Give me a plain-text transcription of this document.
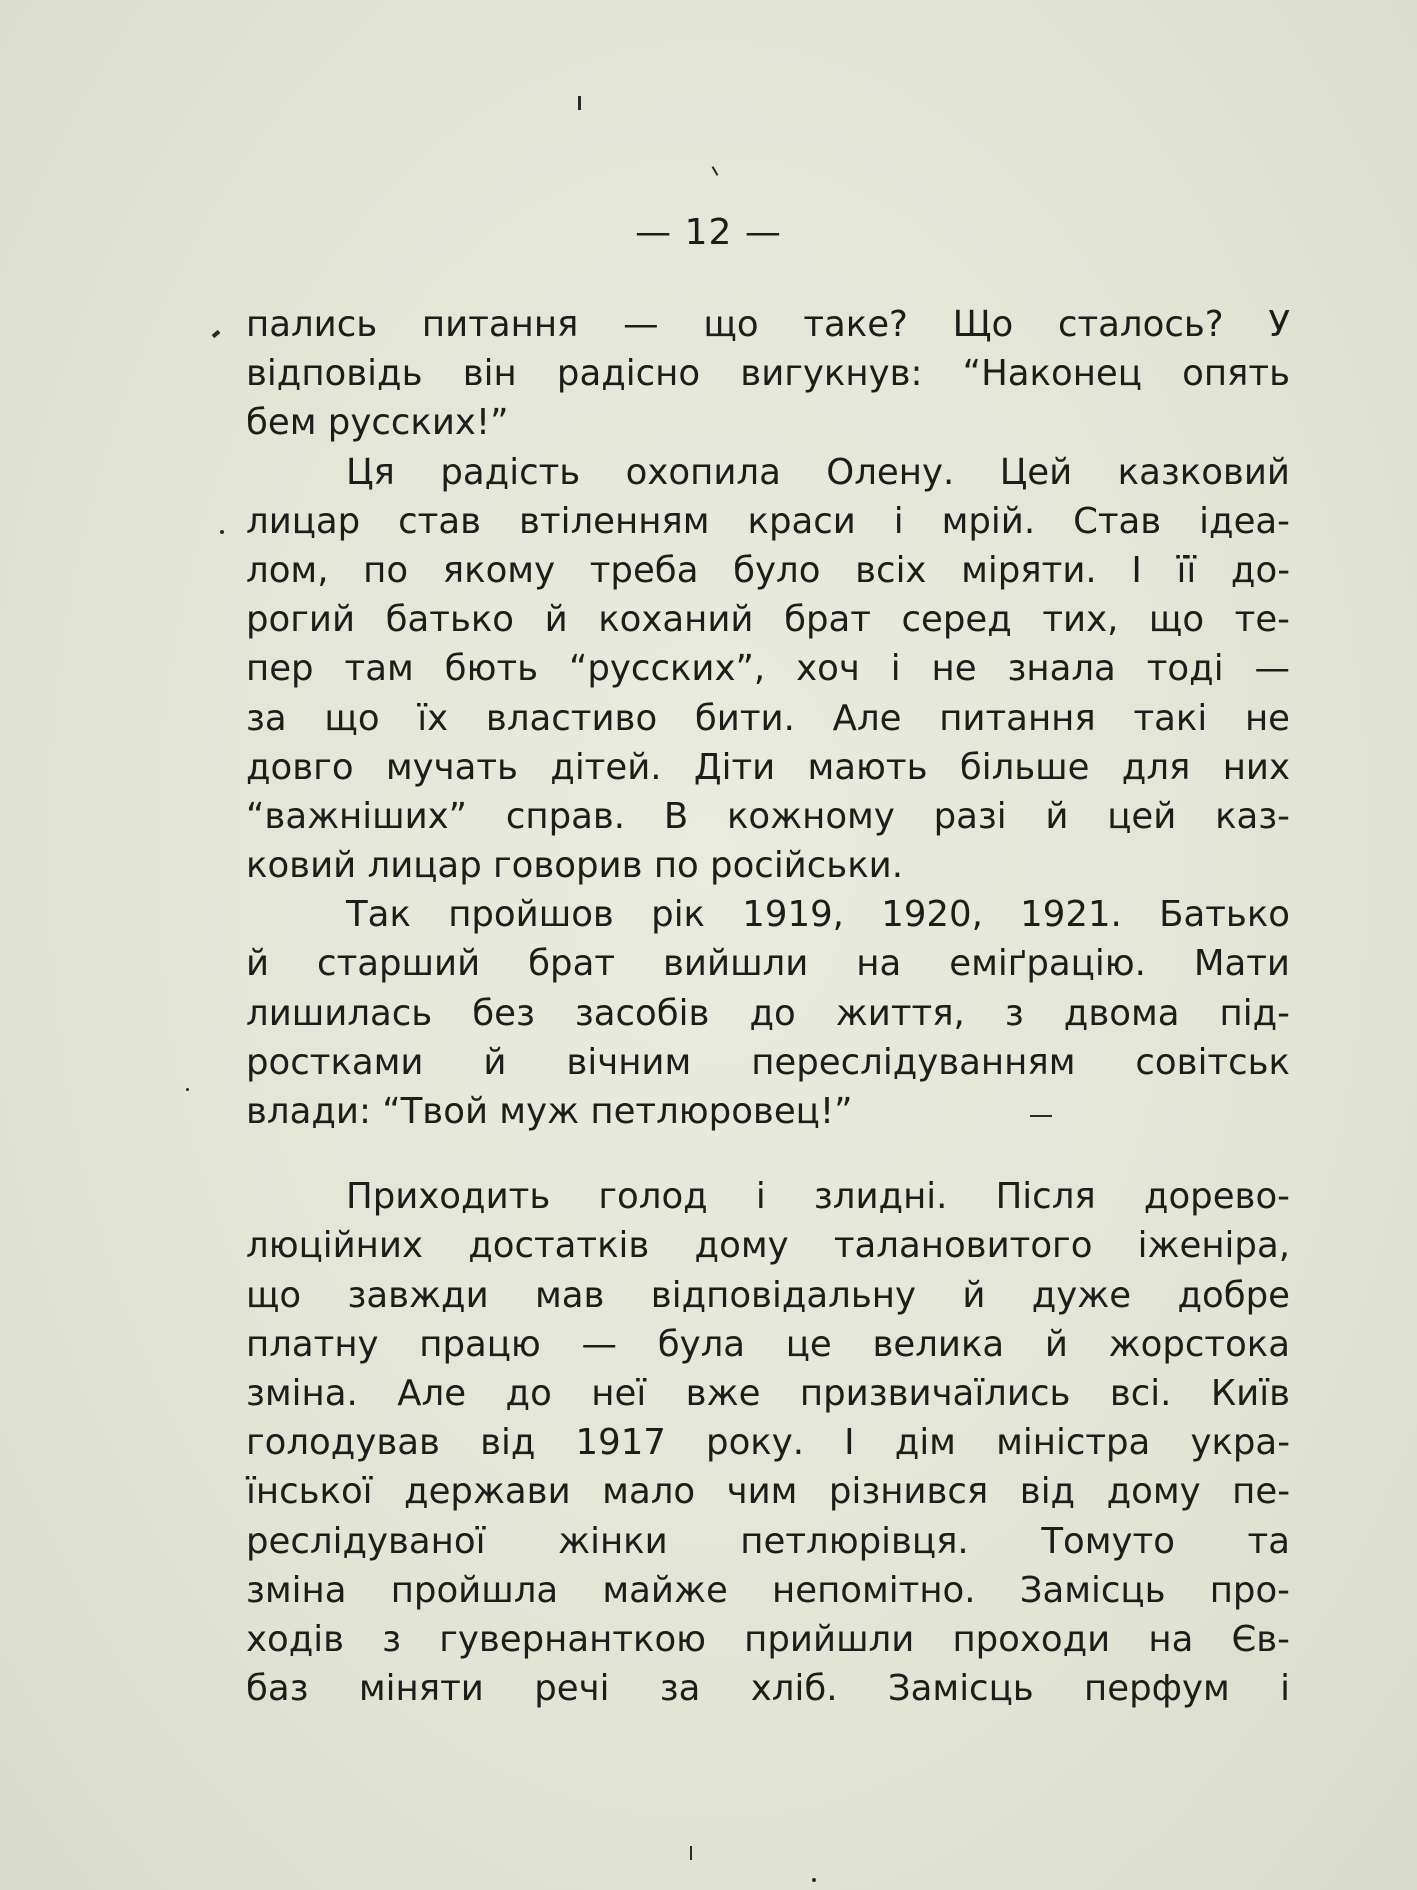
— 12 —
пались питання — що таке? Що сталось? У
відповідь він радісно вигукнув: “Наконец опять
бем русских!”
Ця радість охопила Олену. Цей казковий
лицар став втіленням краси і мрій. Став ідеа-
лом, по якому треба було всіх міряти. І її до-
рогий батько й коханий брат серед тих, що те-
пер там бють “русских”, хоч і не знала тоді —
за що їх властиво бити. Але питання такі не
довго мучать дітей. Діти мають більше для них
“важніших” справ. В кожному разі й цей каз-
ковий лицар говорив по російськи.
Так пройшов рік 1919, 1920, 1921. Батько
й старший брат вийшли на еміґрацію. Мати
лишилась без засобів до життя, з двома під-
ростками й вічним переслідуванням совітськ
влади: “Твой муж петлюровец!”
Приходить голод і злидні. Після дорево-
люційних достатків дому талановитого іженіра,
що завжди мав відповідальну й дуже добре
платну працю — була це велика й жорстока
зміна. Але до неї вже призвичаїлись всі. Київ
голодував від 1917 року. І дім міністра укра-
їнської держави мало чим різнився від дому пе-
реслідуваної жінки петлюрівця. Томуто та
зміна пройшла майже непомітно. Замісць про-
ходів з гувернанткою прийшли проходи на Єв-
баз міняти речі за хліб. Замісць перфум і
